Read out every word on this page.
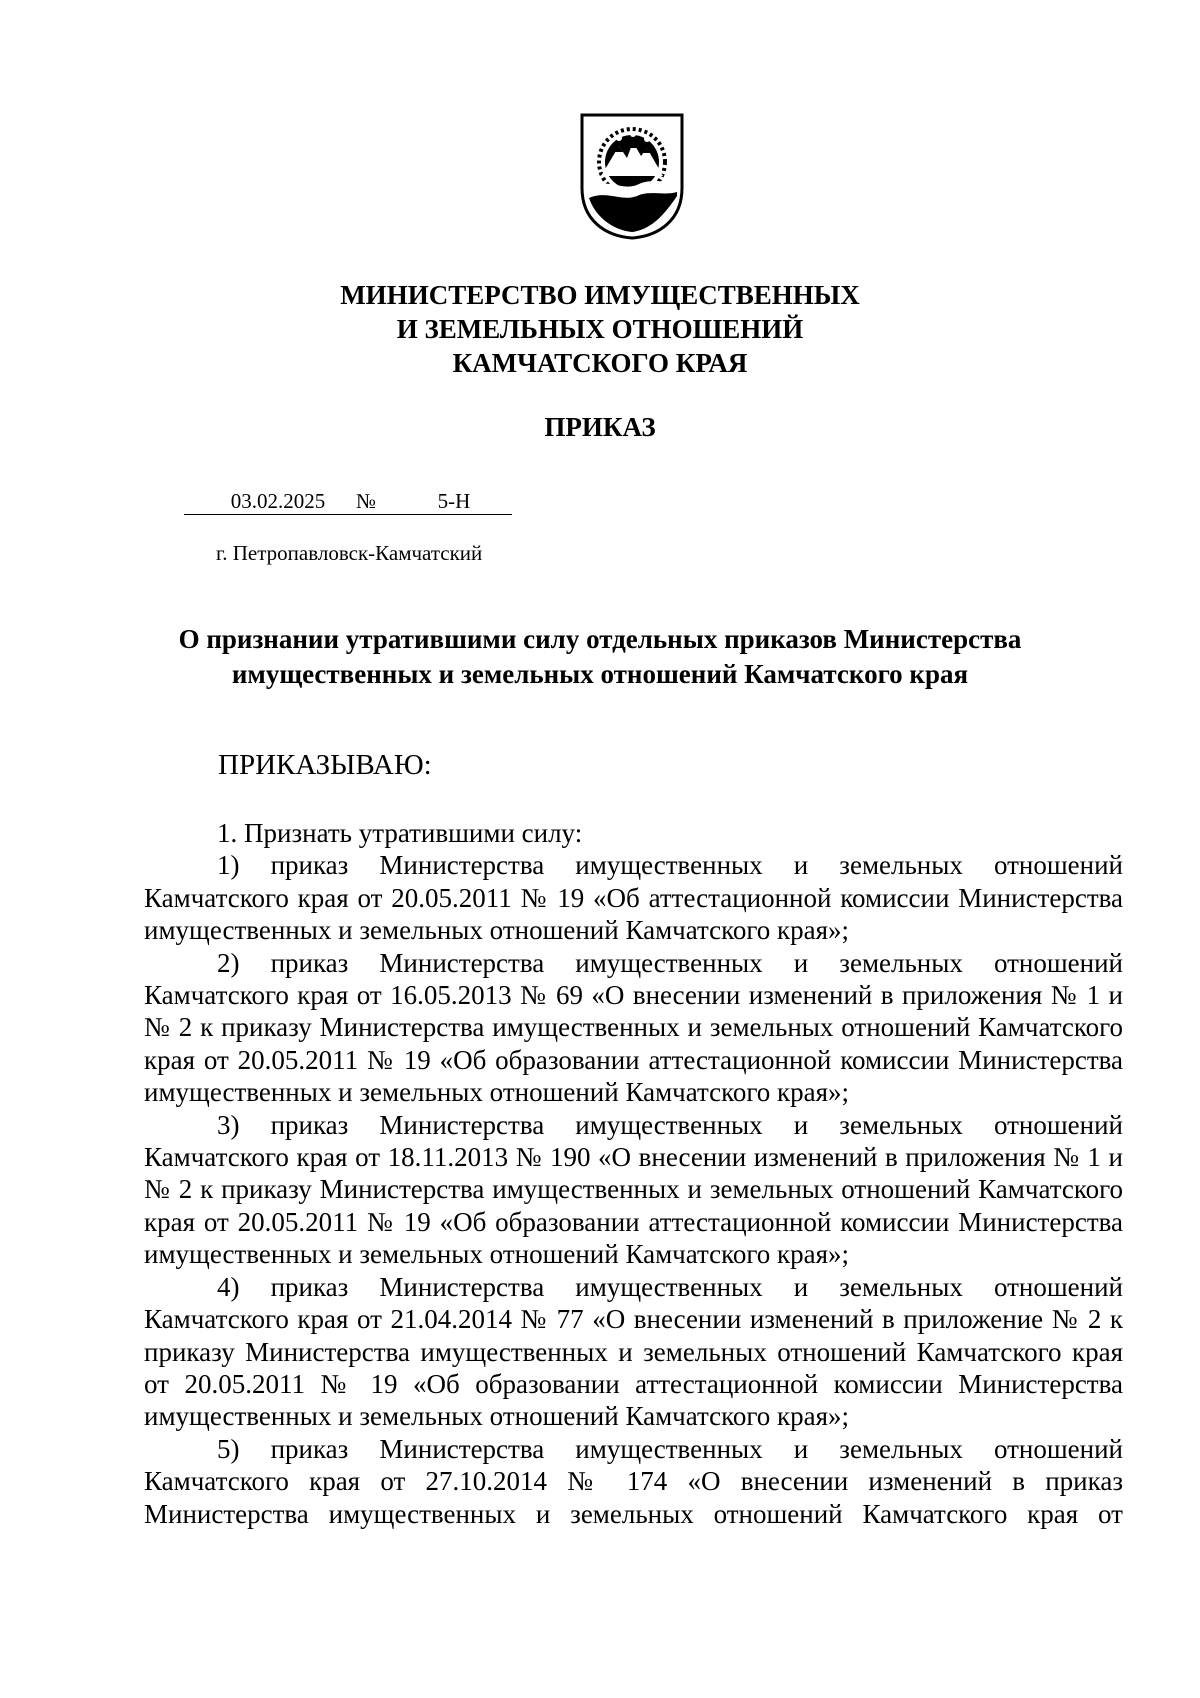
МИНИСТЕРСТВО ИМУЩЕСТВЕННЫХ
И ЗЕМЕЛЬНЫХ ОТНОШЕНИЙ
КАМЧАТСКОГО КРАЯ
ПРИКАЗ
03.02.2025 №	5-Н
г. Петропавловск-Камчатский
О признании утратившими силу отдельных приказов Министерства
имущественных и земельных отношений Камчатского края
ПРИКАЗЫВАЮ:

1. Признать утратившими силу:

1) приказ Министерства имущественных и земельных отношений Камчатского края от 20.05.2011 № 19 «Об аттестационной комиссии Министерства имущественных и земельных отношений Камчатского края»;

2) приказ Министерства имущественных и земельных отношений Камчатского края от 16.05.2013 № 69 «О внесении изменений в приложения № 1 и № 2 к приказу Министерства имущественных и земельных отношений Камчатского края от 20.05.2011 № 19 «Об образовании аттестационной комиссии Министерства имущественных и земельных отношений Камчатского края»;

3) приказ Министерства имущественных и земельных отношений Камчатского края от 18.11.2013 № 190 «О внесении изменений в приложения № 1 и № 2 к приказу Министерства имущественных и земельных отношений Камчатского края от 20.05.2011 № 19 «Об образовании аттестационной комиссии Министерства имущественных и земельных отношений Камчатского края»;

4) приказ Министерства имущественных и земельных отношений Камчатского края от 21.04.2014 № 77 «О внесении изменений в приложение № 2 к приказу Министерства имущественных и земельных отношений Камчатского края от 20.05.2011 № 19 «Об образовании аттестационной комиссии Министерства имущественных и земельных отношений Камчатского края»;

5) приказ Министерства имущественных и земельных отношений Камчатского края от 27.10.2014 № 174 «О внесении изменений в приказ Министерства имущественных и земельных отношений Камчатского края от
